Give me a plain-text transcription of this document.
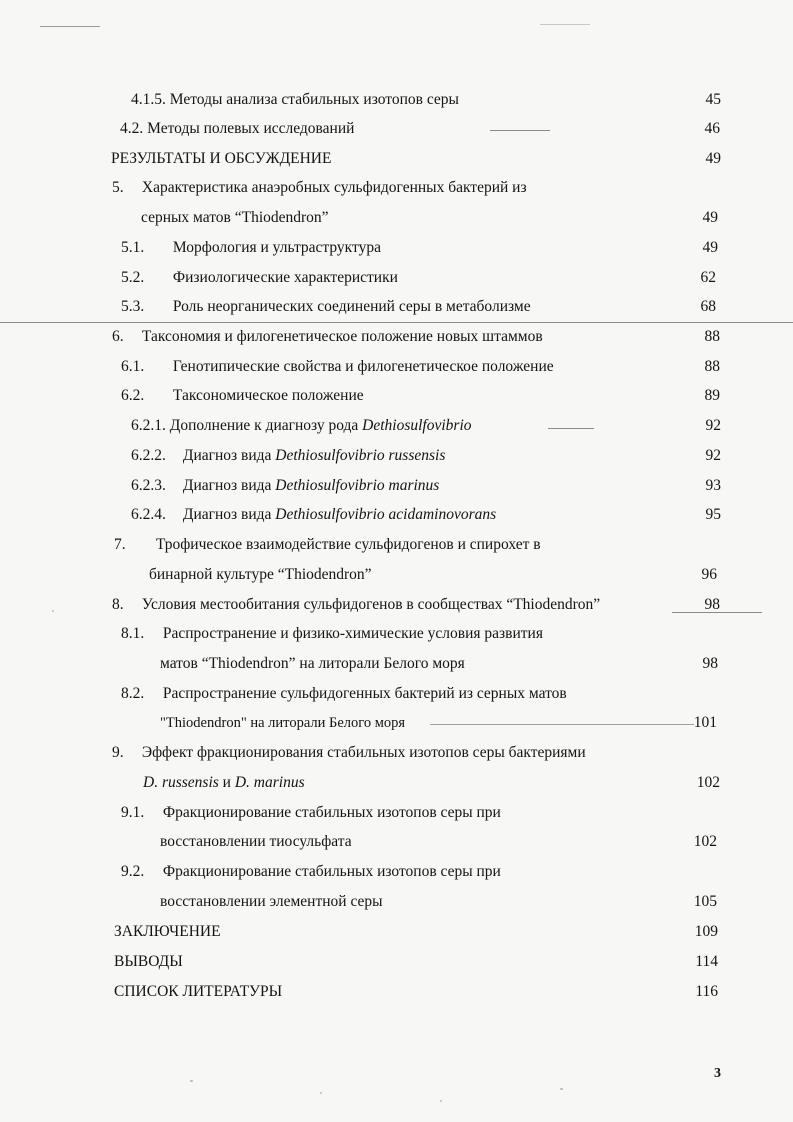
4.1.5. Методы анализа стабильных изотопов серы	45
4.2. Методы полевых исследований	46
РЕЗУЛЬТАТЫ И ОБСУЖДЕНИЕ	49
5. Характеристика анаэробных сульфидогенных бактерий из
серных матов “Thiodendron”	49
5.1. Морфология и ультраструктура	49
5.2. Физиологические характеристики	62
5.3. Роль неорганических соединений серы в метаболизме	68
6. Таксономия и филогенетическое положение новых штаммов	88
6.1. Генотипические свойства и филогенетическое положение	88
6.2. Таксономическое положение	89
6.2.1. Дополнение к диагнозу рода Dethiosulfovibrio	92
6.2.2. Диагноз вида Dethiosulfovibrio russensis	92
6.2.3. Диагноз вида Dethiosulfovibrio marinus	93
6.2.4. Диагноз вида Dethiosulfovibrio acidaminovorans	95
7. Трофическое взаимодействие сульфидогенов и спирохет в
бинарной культуре “Thiodendron”	96
8. Условия местообитания сульфидогенов в сообществах “Thiodendron”	98
8.1. Распространение и физико-химические условия развития
матов “Thiodendron” на литорали Белого моря	98
8.2. Распространение сульфидогенных бактерий из серных матов
"Thiodendron" на литорали Белого моря	101
9. Эффект фракционирования стабильных изотопов серы бактериями
D. russensis и D. marinus	102
9.1. Фракционирование стабильных изотопов серы при
восстановлении тиосульфата	102
9.2. Фракционирование стабильных изотопов серы при
восстановлении элементной серы	105
ЗАКЛЮЧЕНИЕ	109
ВЫВОДЫ	114
СПИСОК ЛИТЕРАТУРЫ	116
3
